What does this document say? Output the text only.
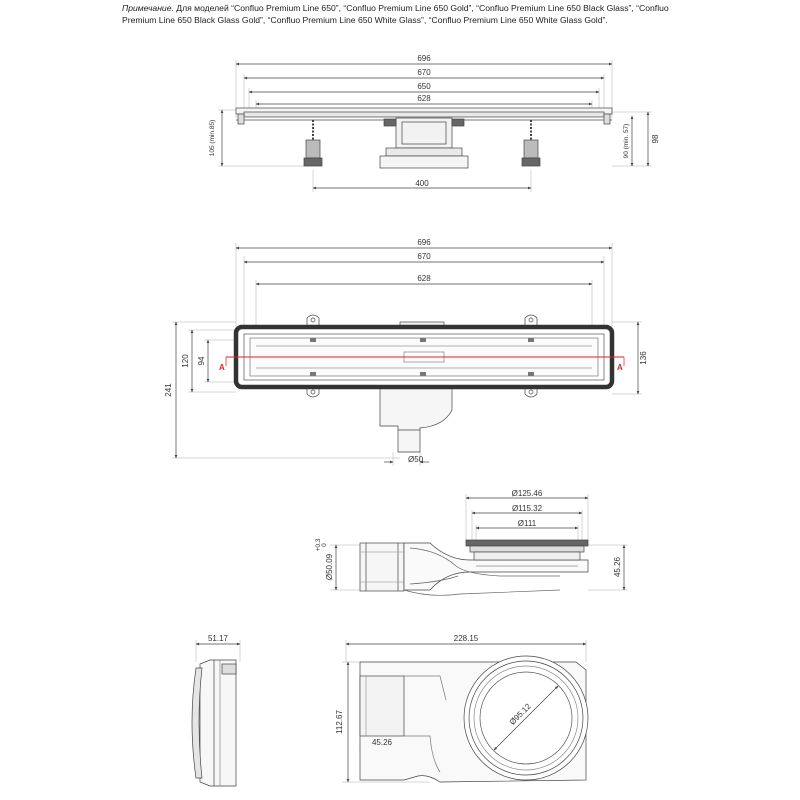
Примечание. Для моделей “Confluo Premium Line 650”, “Confluo Premium Line 650 Gold”, “Confluo Premium Line 650 Black Glass”, “Confluo Premium Line 650 Black Glass Gold”, “Confluo Premium Line 650 White Glass”, “Confluo Premium Line 650 White Glass Gold”.
696
670
650
628
400
105 (min.85)	90 (min. 57)	98
696
670
628
241
120 94	136
Ø50
A	A
Ø125.46
Ø115.32
Ø111
45.26
Ø50.09
+0.3 0
51.17	228.15
112.67
45.26
Ø95.12
